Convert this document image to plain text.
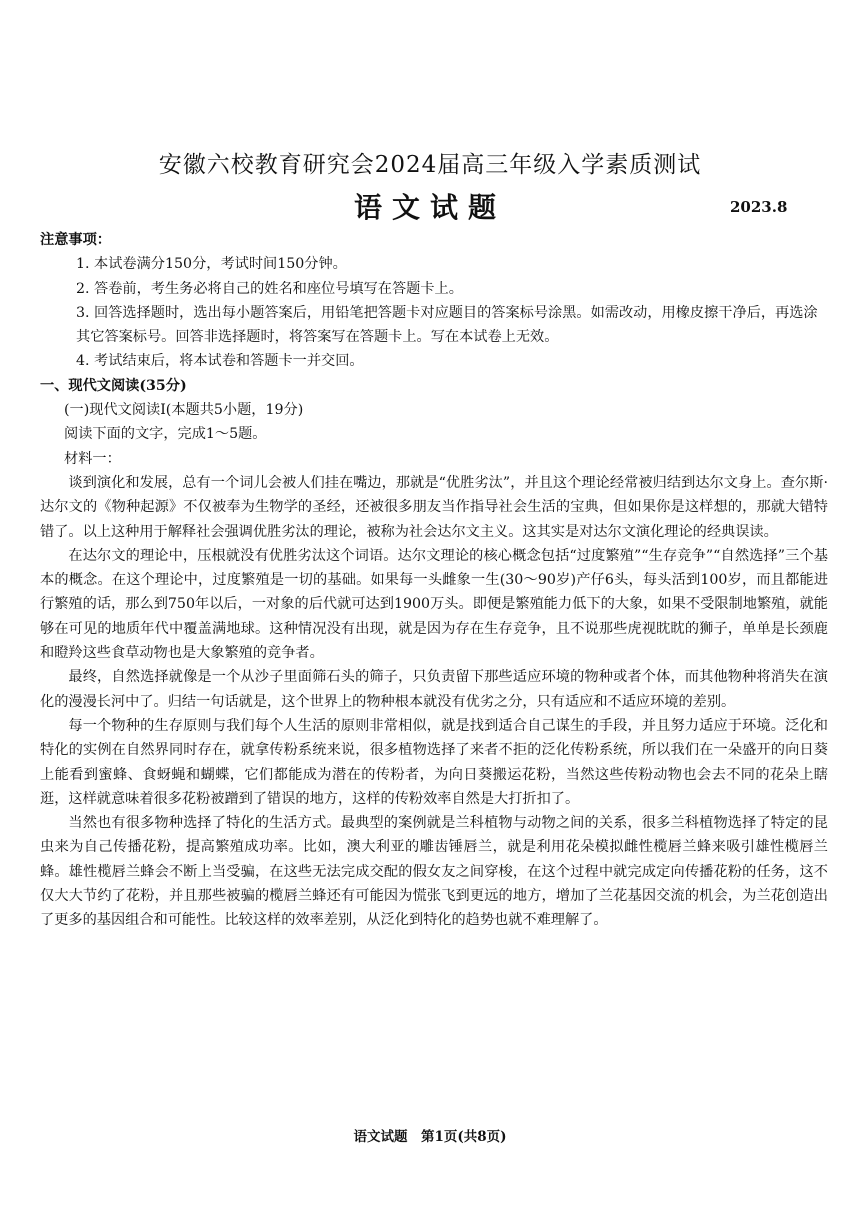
安徽六校教育研究会2024届高三年级入学素质测试
语文试题	2023.8

注意事项：

1. 本试卷满分150分，考试时间150分钟。

2. 答卷前，考生务必将自己的姓名和座位号填写在答题卡上。

3. 回答选择题时，选出每小题答案后，用铅笔把答题卡对应题目的答案标号涂黑。如需改动，用橡皮擦干净后，再选涂其它答案标号。回答非选择题时，将答案写在答题卡上。写在本试卷上无效。

4. 考试结束后，将本试卷和答题卡一并交回。

一、现代文阅读(35分)

(一)现代文阅读Ⅰ(本题共5小题，19分)

阅读下面的文字，完成1～5题。

材料一：

谈到演化和发展，总有一个词儿会被人们挂在嘴边，那就是“优胜劣汰”，并且这个理论经常被归结到达尔文身上。查尔斯·达尔文的《物种起源》不仅被奉为生物学的圣经，还被很多朋友当作指导社会生活的宝典，但如果你是这样想的，那就大错特错了。以上这种用于解释社会强调优胜劣汰的理论，被称为社会达尔文主义。这其实是对达尔文演化理论的经典误读。

在达尔文的理论中，压根就没有优胜劣汰这个词语。达尔文理论的核心概念包括“过度繁殖”“生存竞争”“自然选择”三个基本的概念。在这个理论中，过度繁殖是一切的基础。如果每一头雌象一生(30～90岁)产仔6头，每头活到100岁，而且都能进行繁殖的话，那么到750年以后，一对象的后代就可达到1900万头。即便是繁殖能力低下的大象，如果不受限制地繁殖，就能够在可见的地质年代中覆盖满地球。这种情况没有出现，就是因为存在生存竞争，且不说那些虎视眈眈的狮子，单单是长颈鹿和瞪羚这些食草动物也是大象繁殖的竞争者。

最终，自然选择就像是一个从沙子里面筛石头的筛子，只负责留下那些适应环境的物种或者个体，而其他物种将消失在演化的漫漫长河中了。归结一句话就是，这个世界上的物种根本就没有优劣之分，只有适应和不适应环境的差别。

每一个物种的生存原则与我们每个人生活的原则非常相似，就是找到适合自己谋生的手段，并且努力适应于环境。泛化和特化的实例在自然界同时存在，就拿传粉系统来说，很多植物选择了来者不拒的泛化传粉系统，所以我们在一朵盛开的向日葵上能看到蜜蜂、食蚜蝇和蝴蝶，它们都能成为潜在的传粉者，为向日葵搬运花粉，当然这些传粉动物也会去不同的花朵上瞎逛，这样就意味着很多花粉被蹭到了错误的地方，这样的传粉效率自然是大打折扣了。

当然也有很多物种选择了特化的生活方式。最典型的案例就是兰科植物与动物之间的关系，很多兰科植物选择了特定的昆虫来为自己传播花粉，提高繁殖成功率。比如，澳大利亚的雕齿锤唇兰，就是利用花朵模拟雌性榄唇兰蜂来吸引雄性榄唇兰蜂。雄性榄唇兰蜂会不断上当受骗，在这些无法完成交配的假女友之间穿梭，在这个过程中就完成定向传播花粉的任务，这不仅大大节约了花粉，并且那些被骗的榄唇兰蜂还有可能因为慌张飞到更远的地方，增加了兰花基因交流的机会，为兰花创造出了更多的基因组合和可能性。比较这样的效率差别，从泛化到特化的趋势也就不难理解了。

语文试题　第1页(共8页)
